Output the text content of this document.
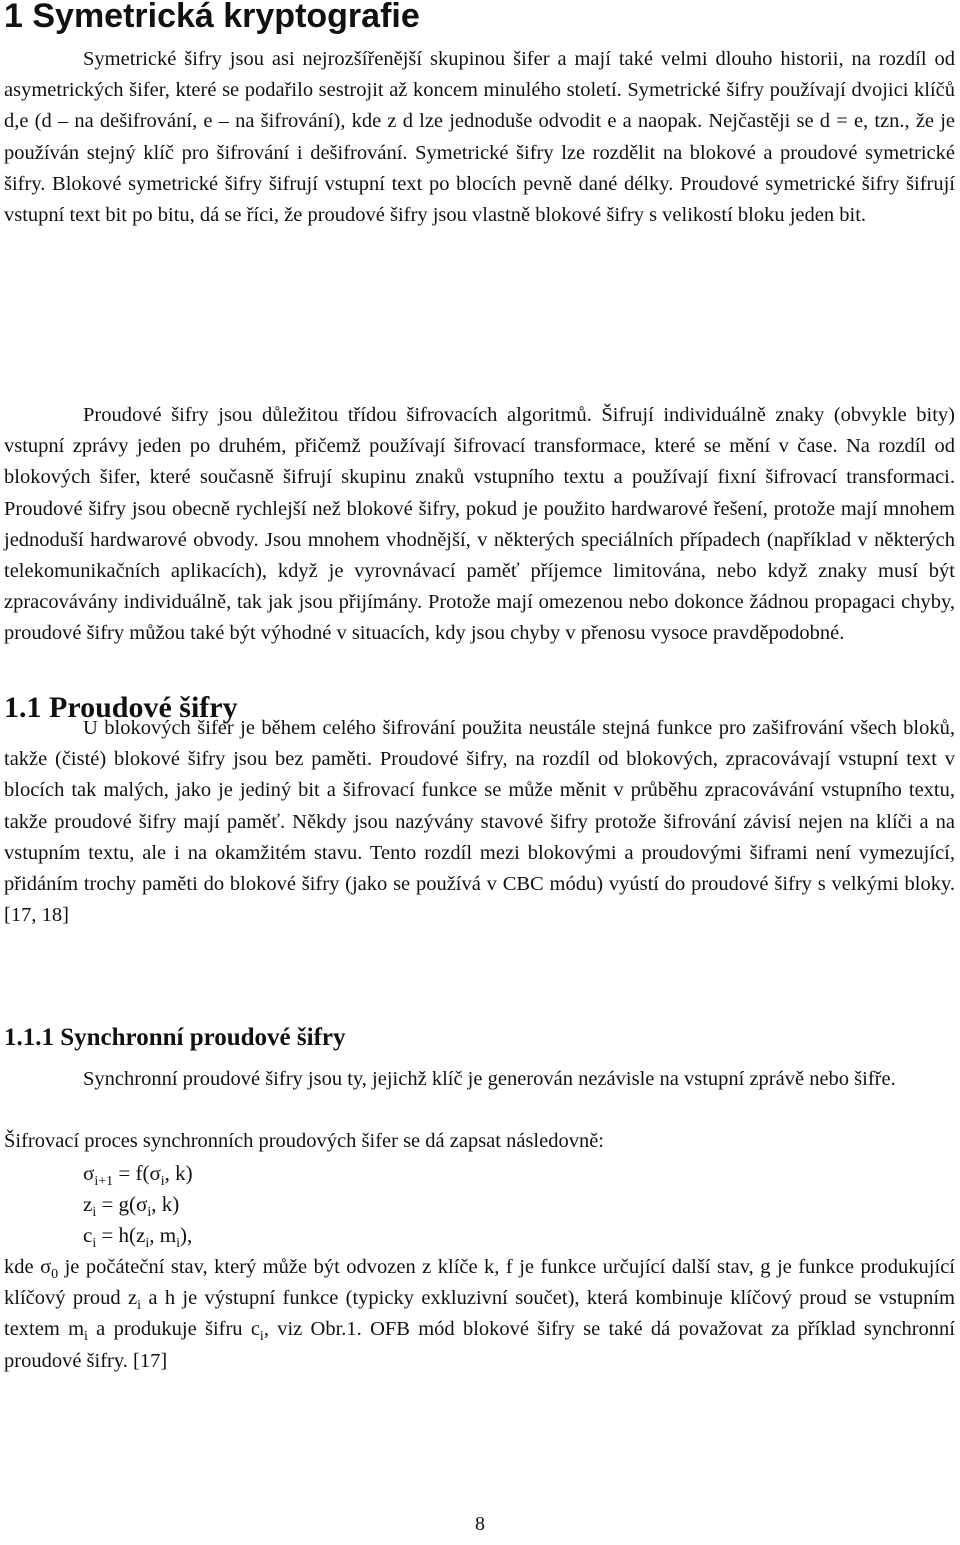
1 Symetrická kryptografie

Symetrické šifry jsou asi nejrozšířenější skupinou šifer a mají také velmi dlouho historii, na rozdíl od asymetrických šifer, které se podařilo sestrojit až koncem minulého století. Symetrické šifry používají dvojici klíčů d,e (d – na dešifrování, e – na šifrování), kde z d lze jednoduše odvodit e a naopak. Nejčastěji se d = e, tzn., že je používán stejný klíč pro šifrování i dešifrování. Symetrické šifry lze rozdělit na blokové a proudové symetrické šifry. Blokové symetrické šifry šifrují vstupní text po blocích pevně dané délky. Proudové symetrické šifry šifrují vstupní text bit po bitu, dá se říci, že proudové šifry jsou vlastně blokové šifry s velikostí bloku jeden bit.

1.1 Proudové šifry

Proudové šifry jsou důležitou třídou šifrovacích algoritmů. Šifrují individuálně znaky (obvykle bity) vstupní zprávy jeden po druhém, přičemž používají šifrovací transformace, které se mění v čase. Na rozdíl od blokových šifer, které současně šifrují skupinu znaků vstupního textu a používají fixní šifrovací transformaci. Proudové šifry jsou obecně rychlejší než blokové šifry, pokud je použito hardwarové řešení, protože mají mnohem jednoduší hardwarové obvody. Jsou mnohem vhodnější, v některých speciálních případech (například v některých telekomunikačních aplikacích), když je vyrovnávací paměť příjemce limitována, nebo když znaky musí být zpracovávány individuálně, tak jak jsou přijímány. Protože mají omezenou nebo dokonce žádnou propagaci chyby, proudové šifry můžou také být výhodné v situacích, kdy jsou chyby v přenosu vysoce pravděpodobné.

U blokových šifer je během celého šifrování použita neustále stejná funkce pro zašifrování všech bloků, takže (čisté) blokové šifry jsou bez paměti. Proudové šifry, na rozdíl od blokových, zpracovávají vstupní text v blocích tak malých, jako je jediný bit a šifrovací funkce se může měnit v průběhu zpracovávání vstupního textu, takže proudové šifry mají paměť. Někdy jsou nazývány stavové šifry protože šifrování závisí nejen na klíči a na vstupním textu, ale i na okamžitém stavu. Tento rozdíl mezi blokovými a proudovými šiframi není vymezující, přidáním trochy paměti do blokové šifry (jako se používá v CBC módu) vyústí do proudové šifry s velkými bloky. [17, 18]

1.1.1 Synchronní proudové šifry

Synchronní proudové šifry jsou ty, jejichž klíč je generován nezávisle na vstupní zprávě nebo šifře.

Šifrovací proces synchronních proudových šifer se dá zapsat následovně:

$\sigma_{i+1} = f(\sigma_i$, k)
$z_i = g(\sigma_i$, k)
$c_i = h(z_i$, $m_i$),

kde $\sigma_0$ je počáteční stav, který může být odvozen z klíče k, f je funkce určující další stav, g je funkce produkující klíčový proud $z_i$ a h je výstupní funkce (typicky exkluzivní součet), která kombinuje klíčový proud se vstupním textem $m_i$ a produkuje šifru $c_i$, viz Obr.1. OFB mód blokové šifry se také dá považovat za příklad synchronní proudové šifry. [17]

8
